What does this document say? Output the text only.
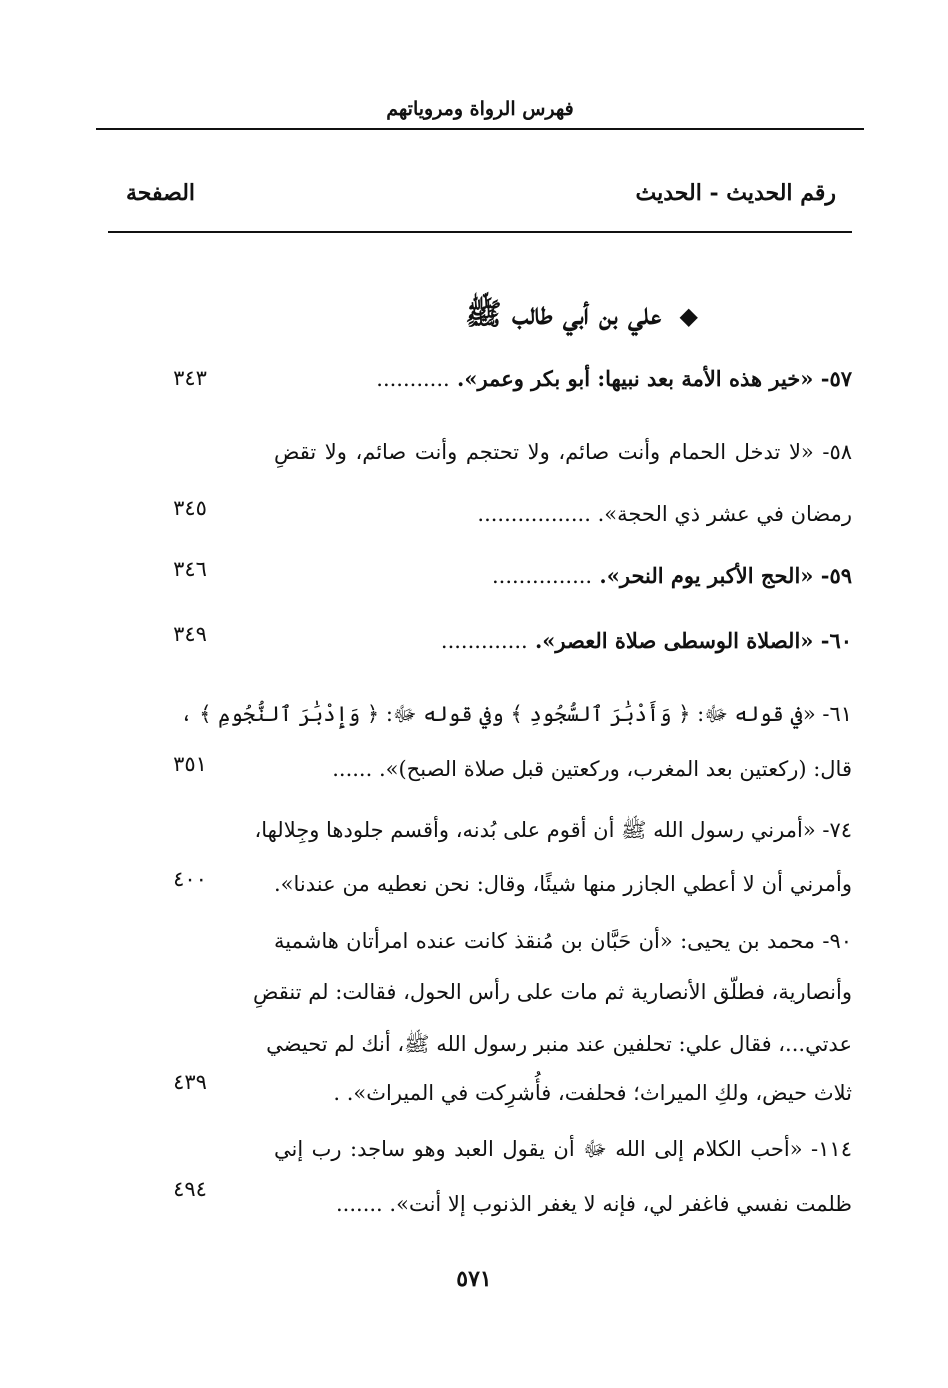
فهرس الرواة ومروياتهم
رقم الحديث - الحديث
الصفحة
◆ علي بن أبي طالب ﷺ
٥٧- «خير هذه الأمة بعد نبيها: أبو بكر وعمر». ...........
٣٤٣
٥٨- «لا تدخل الحمام وأنت صائم، ولا تحتجم وأنت صائم، ولا تقضِ
رمضان في عشر ذي الحجة». .................
٣٤٥
٥٩- «الحج الأكبر يوم النحر». ...............
٣٤٦
٦٠- «الصلاة الوسطى صلاة العصر». .............
٣٤٩
٦١- «في قوله ﷻ: ﴿ وَأَدْبَٰرَ ٱلسُّجُودِ ﴾ وفي قوله ﷻ: ﴿ وَإِدْبَٰرَ ٱلنُّجُومِ ﴾ ،
قال: (ركعتين بعد المغرب، وركعتين قبل صلاة الصبح)». ......
٣٥١
٧٤- «أمرني رسول الله ﷺ أن أقوم على بُدنه، وأقسم جلودها وجِلالها،
وأمرني أن لا أعطي الجازر منها شيئًا، وقال: نحن نعطيه من عندنا».
٤٠٠
٩٠- محمد بن يحيى: «أن حَبَّان بن مُنقذ كانت عنده امرأتان هاشمية
وأنصارية، فطلّق الأنصارية ثم مات على رأس الحول، فقالت: لم تنقضِ
عدتي...، فقال علي: تحلفين عند منبر رسول الله ﷺ، أنك لم تحيضي
ثلاث حيض، ولكِ الميراث؛ فحلفت، فأُشرِكت في الميراث». .
٤٣٩
١١٤- «أحب الكلام إلى الله ﷻ أن يقول العبد وهو ساجد: رب إني
ظلمت نفسي فاغفر لي، فإنه لا يغفر الذنوب إلا أنت». .......
٤٩٤
٥٧١
